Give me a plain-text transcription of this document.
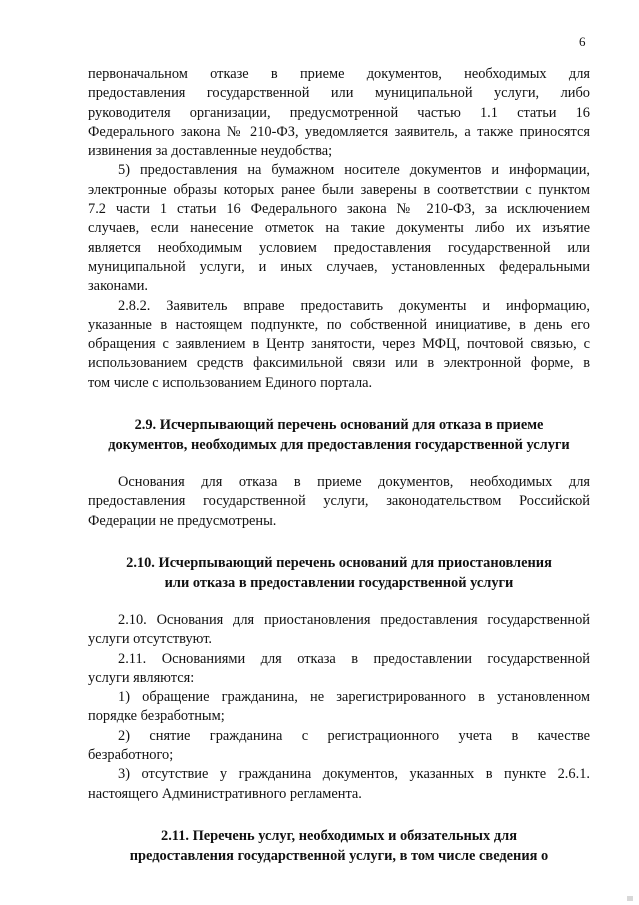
6
первоначальном отказе в приеме документов, необходимых для
предоставления государственной или муниципальной услуги, либо
руководителя организации, предусмотренной частью 1.1 статьи 16
Федерального закона № 210-ФЗ, уведомляется заявитель, а также приносятся
извинения за доставленные неудобства;
5) предоставления на бумажном носителе документов и информации,
электронные образы которых ранее были заверены в соответствии с пунктом
7.2 части 1 статьи 16 Федерального закона № 210-ФЗ, за исключением
случаев, если нанесение отметок на такие документы либо их изъятие
является необходимым условием предоставления государственной или
муниципальной услуги, и иных случаев, установленных федеральными
законами.
2.8.2. Заявитель вправе предоставить документы и информацию,
указанные в настоящем подпункте, по собственной инициативе, в день его
обращения с заявлением в Центр занятости, через МФЦ, почтовой связью, с
использованием средств факсимильной связи или в электронной форме, в
том числе с использованием Единого портала.
2.9. Исчерпывающий перечень оснований для отказа в приеме
документов, необходимых для предоставления государственной услуги
Основания для отказа в приеме документов, необходимых для
предоставления государственной услуги, законодательством Российской
Федерации не предусмотрены.
2.10. Исчерпывающий перечень оснований для приостановления
или отказа в предоставлении государственной услуги
2.10. Основания для приостановления предоставления государственной
услуги отсутствуют.
2.11. Основаниями для отказа в предоставлении государственной
услуги являются:
1) обращение гражданина, не зарегистрированного в установленном
порядке безработным;
2) снятие гражданина с регистрационного учета в качестве
безработного;
3) отсутствие у гражданина документов, указанных в пункте 2.6.1.
настоящего Административного регламента.
2.11. Перечень услуг, необходимых и обязательных для
предоставления государственной услуги, в том числе сведения о
